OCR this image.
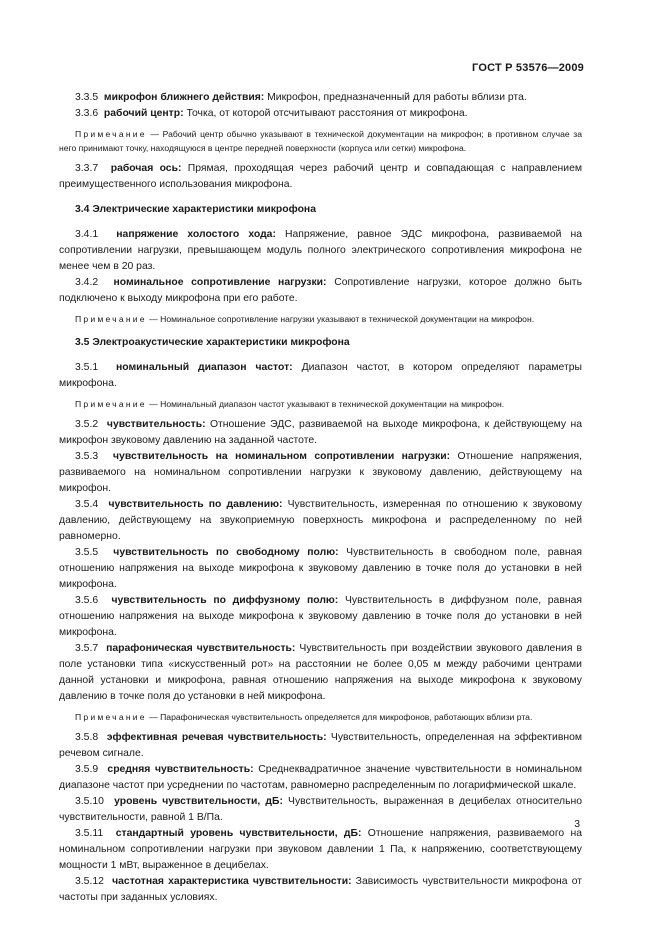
ГОСТ Р 53576—2009

3.3.5 микрофон ближнего действия: Микрофон, предназначенный для работы вблизи рта.

3.3.6 рабочий центр: Точка, от которой отсчитывают расстояния от микрофона.

Примечание — Рабочий центр обычно указывают в технической документации на микрофон; в противном случае за него принимают точку, находящуюся в центре передней поверхности (корпуса или сетки) микрофона.

3.3.7 рабочая ось: Прямая, проходящая через рабочий центр и совпадающая с направлением преимущественного использования микрофона.

3.4 Электрические характеристики микрофона

3.4.1 напряжение холостого хода: Напряжение, равное ЭДС микрофона, развиваемой на сопротивлении нагрузки, превышающем модуль полного электрического сопротивления микрофона не менее чем в 20 раз.

3.4.2 номинальное сопротивление нагрузки: Сопротивление нагрузки, которое должно быть подключено к выходу микрофона при его работе.

Примечание — Номинальное сопротивление нагрузки указывают в технической документации на микрофон.

3.5 Электроакустические характеристики микрофона

3.5.1 номинальный диапазон частот: Диапазон частот, в котором определяют параметры микрофона.

Примечание — Номинальный диапазон частот указывают в технической документации на микрофон.

3.5.2 чувствительность: Отношение ЭДС, развиваемой на выходе микрофона, к действующему на микрофон звуковому давлению на заданной частоте.

3.5.3 чувствительность на номинальном сопротивлении нагрузки: Отношение напряжения, развиваемого на номинальном сопротивлении нагрузки к звуковому давлению, действующему на микрофон.

3.5.4 чувствительность по давлению: Чувствительность, измеренная по отношению к звуковому давлению, действующему на звукоприемную поверхность микрофона и распределенному по ней равномерно.

3.5.5 чувствительность по свободному полю: Чувствительность в свободном поле, равная отношению напряжения на выходе микрофона к звуковому давлению в точке поля до установки в ней микрофона.

3.5.6 чувствительность по диффузному полю: Чувствительность в диффузном поле, равная отношению напряжения на выходе микрофона к звуковому давлению в точке поля до установки в ней микрофона.

3.5.7 парафоническая чувствительность: Чувствительность при воздействии звукового давления в поле установки типа «искусственный рот» на расстоянии не более 0,05 м между рабочими центрами данной установки и микрофона, равная отношению напряжения на выходе микрофона к звуковому давлению в точке поля до установки в ней микрофона.

Примечание — Парафоническая чувствительность определяется для микрофонов, работающих вблизи рта.

3.5.8 эффективная речевая чувствительность: Чувствительность, определенная на эффективном речевом сигнале.

3.5.9 средняя чувствительность: Среднеквадратичное значение чувствительности в номинальном диапазоне частот при усреднении по частотам, равномерно распределенным по логарифмической шкале.

3.5.10 уровень чувствительности, дБ: Чувствительность, выраженная в децибелах относительно чувствительности, равной 1 В/Па.

3.5.11 стандартный уровень чувствительности, дБ: Отношение напряжения, развиваемого на номинальном сопротивлении нагрузки при звуковом давлении 1 Па, к напряжению, соответствующему мощности 1 мВт, выраженное в децибелах.

3.5.12 частотная характеристика чувствительности: Зависимость чувствительности микрофона от частоты при заданных условиях.

3
